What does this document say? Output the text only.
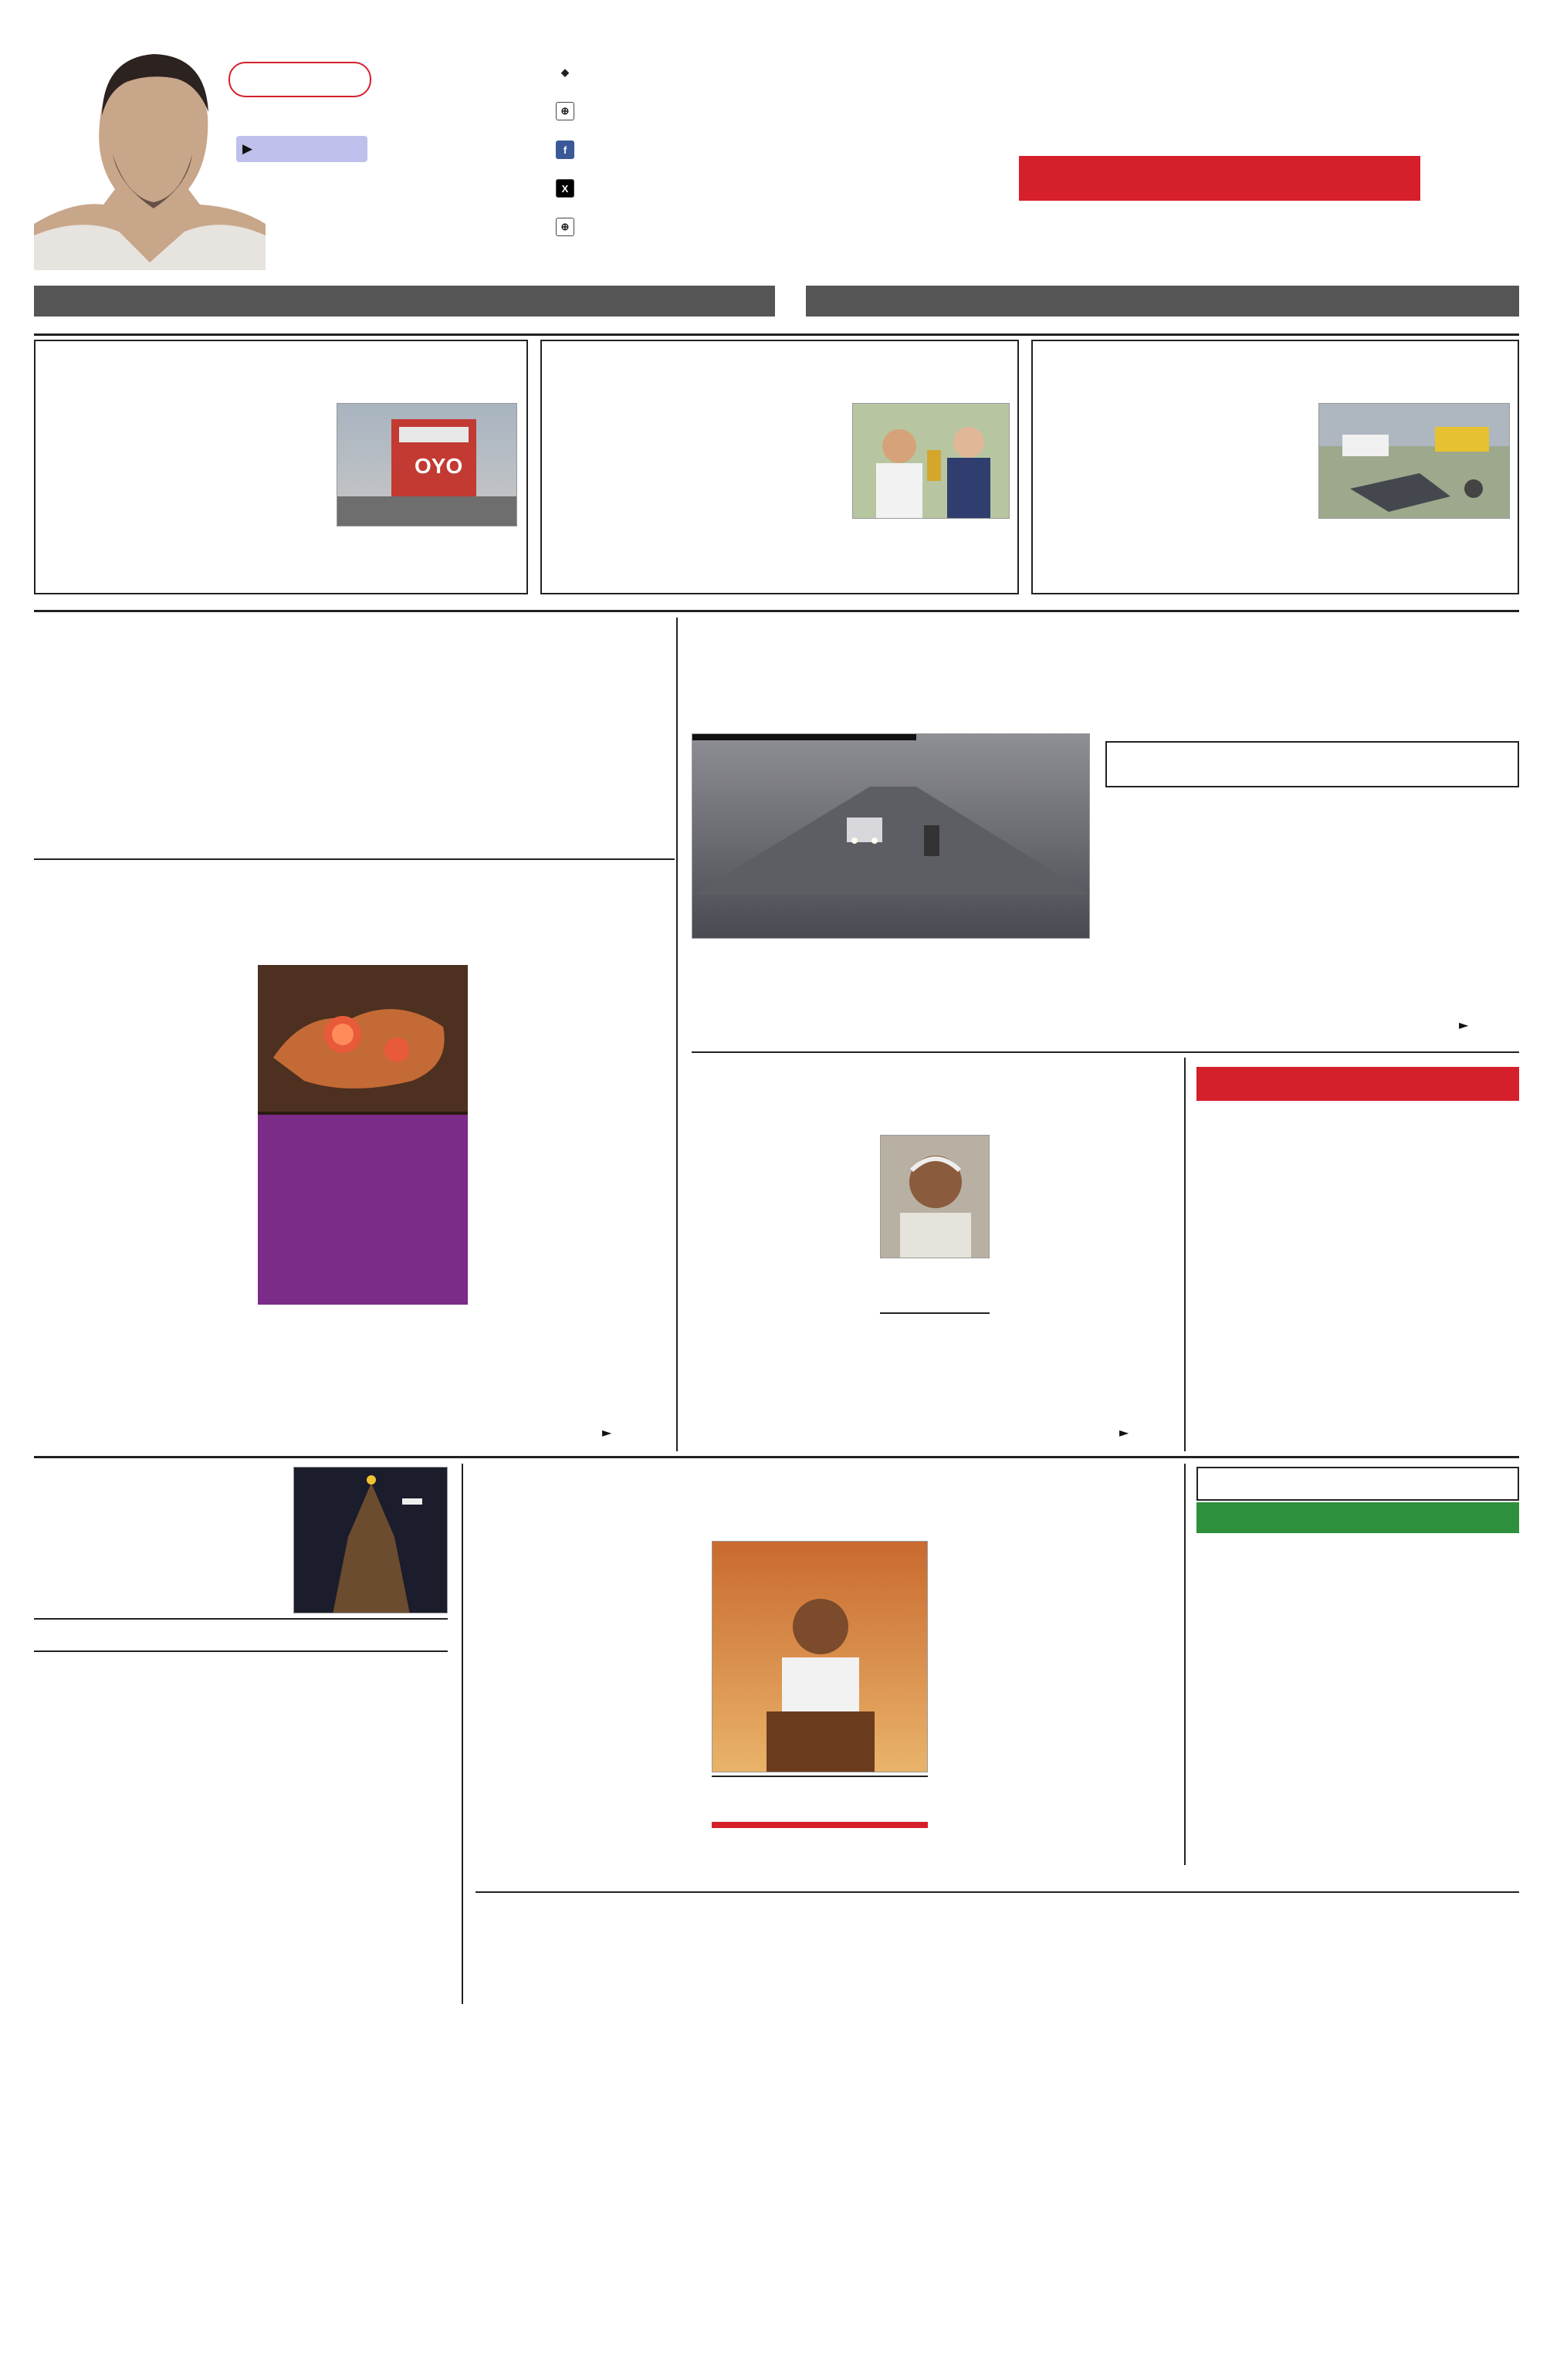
▶
◆
⊕
f
X
⊕
OYO
►
►
►
